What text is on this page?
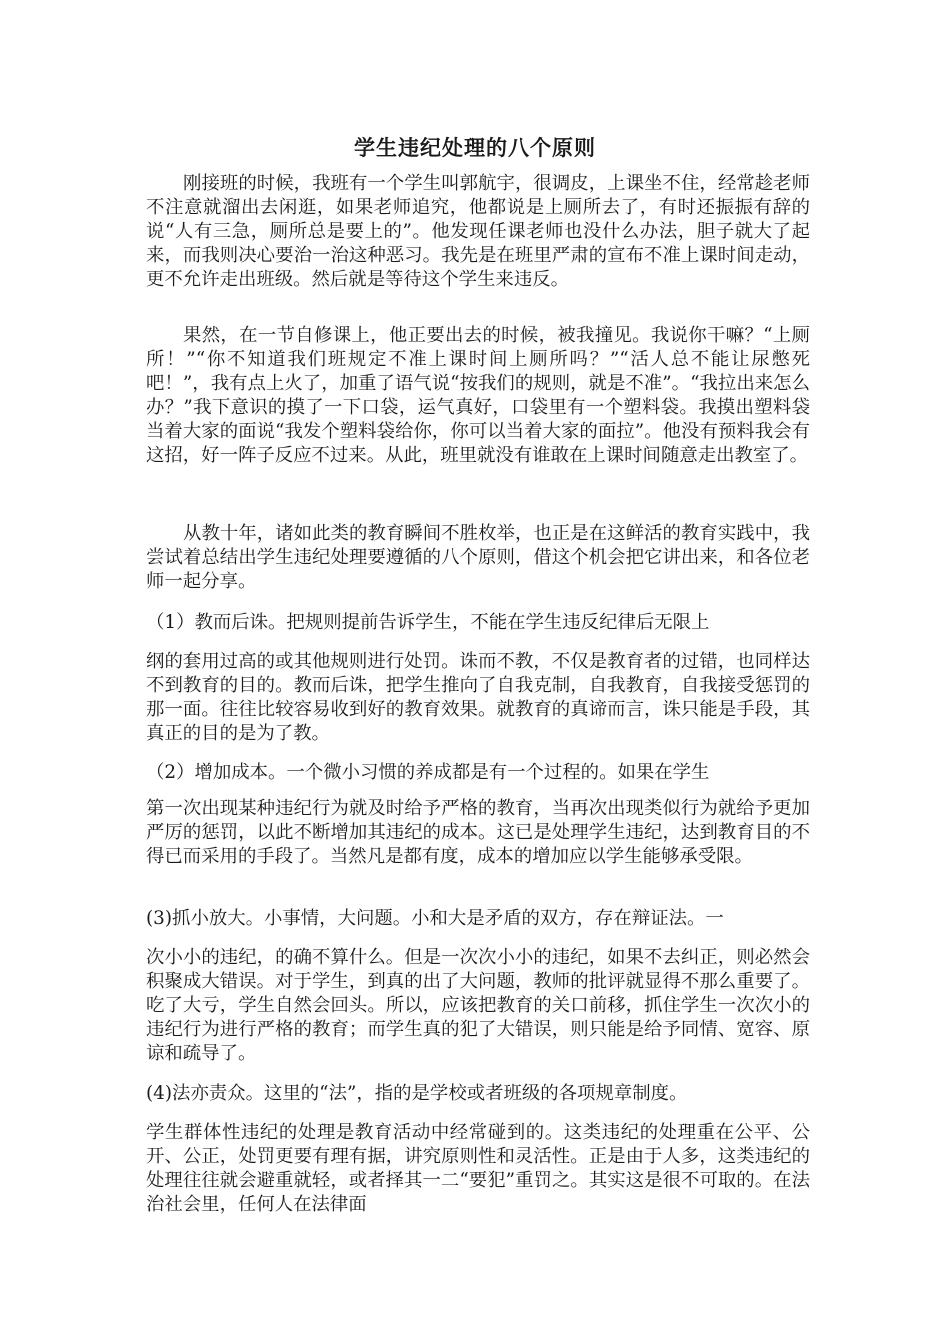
学生违纪处理的八个原则
刚接班的时候，我班有一个学生叫郭航宇，很调皮，上课坐不住，经常趁老师不注意就溜出去闲逛，如果老师追究，他都说是上厕所去了，有时还振振有辞的说“人有三急，厕所总是要上的”。他发现任课老师也没什么办法，胆子就大了起来，而我则决心要治一治这种恶习。我先是在班里严肃的宣布不准上课时间走动，更不允许走出班级。然后就是等待这个学生来违反。
果然，在一节自修课上，他正要出去的时候，被我撞见。我说你干嘛？“上厕所！”“你不知道我们班规定不准上课时间上厕所吗？”“活人总不能让尿憋死吧！”，我有点上火了，加重了语气说“按我们的规则，就是不准”。“我拉出来怎么办？”我下意识的摸了一下口袋，运气真好，口袋里有一个塑料袋。我摸出塑料袋当着大家的面说“我发个塑料袋给你，你可以当着大家的面拉”。他没有预料我会有这招，好一阵子反应不过来。从此，班里就没有谁敢在上课时间随意走出教室了。
从教十年，诸如此类的教育瞬间不胜枚举，也正是在这鲜活的教育实践中，我尝试着总结出学生违纪处理要遵循的八个原则，借这个机会把它讲出来，和各位老师一起分享。
（1）教而后诛。把规则提前告诉学生，不能在学生违反纪律后无限上
纲的套用过高的或其他规则进行处罚。诛而不教，不仅是教育者的过错，也同样达不到教育的目的。教而后诛，把学生推向了自我克制，自我教育，自我接受惩罚的那一面。往往比较容易收到好的教育效果。就教育的真谛而言，诛只能是手段，其真正的目的是为了教。
（2）增加成本。一个微小习惯的养成都是有一个过程的。如果在学生
第一次出现某种违纪行为就及时给予严格的教育，当再次出现类似行为就给予更加严厉的惩罚，以此不断增加其违纪的成本。这已是处理学生违纪，达到教育目的不得已而采用的手段了。当然凡是都有度，成本的增加应以学生能够承受限。
(3)抓小放大。小事情，大问题。小和大是矛盾的双方，存在辩证法。一
次小小的违纪，的确不算什么。但是一次次小小的违纪，如果不去纠正，则必然会积聚成大错误。对于学生，到真的出了大问题，教师的批评就显得不那么重要了。吃了大亏，学生自然会回头。所以，应该把教育的关口前移，抓住学生一次次小的违纪行为进行严格的教育；而学生真的犯了大错误，则只能是给予同情、宽容、原谅和疏导了。
(4)法亦责众。这里的“法”，指的是学校或者班级的各项规章制度。
学生群体性违纪的处理是教育活动中经常碰到的。这类违纪的处理重在公平、公开、公正，处罚更要有理有据，讲究原则性和灵活性。正是由于人多，这类违纪的处理往往就会避重就轻，或者择其一二“要犯”重罚之。其实这是很不可取的。在法治社会里，任何人在法律面
